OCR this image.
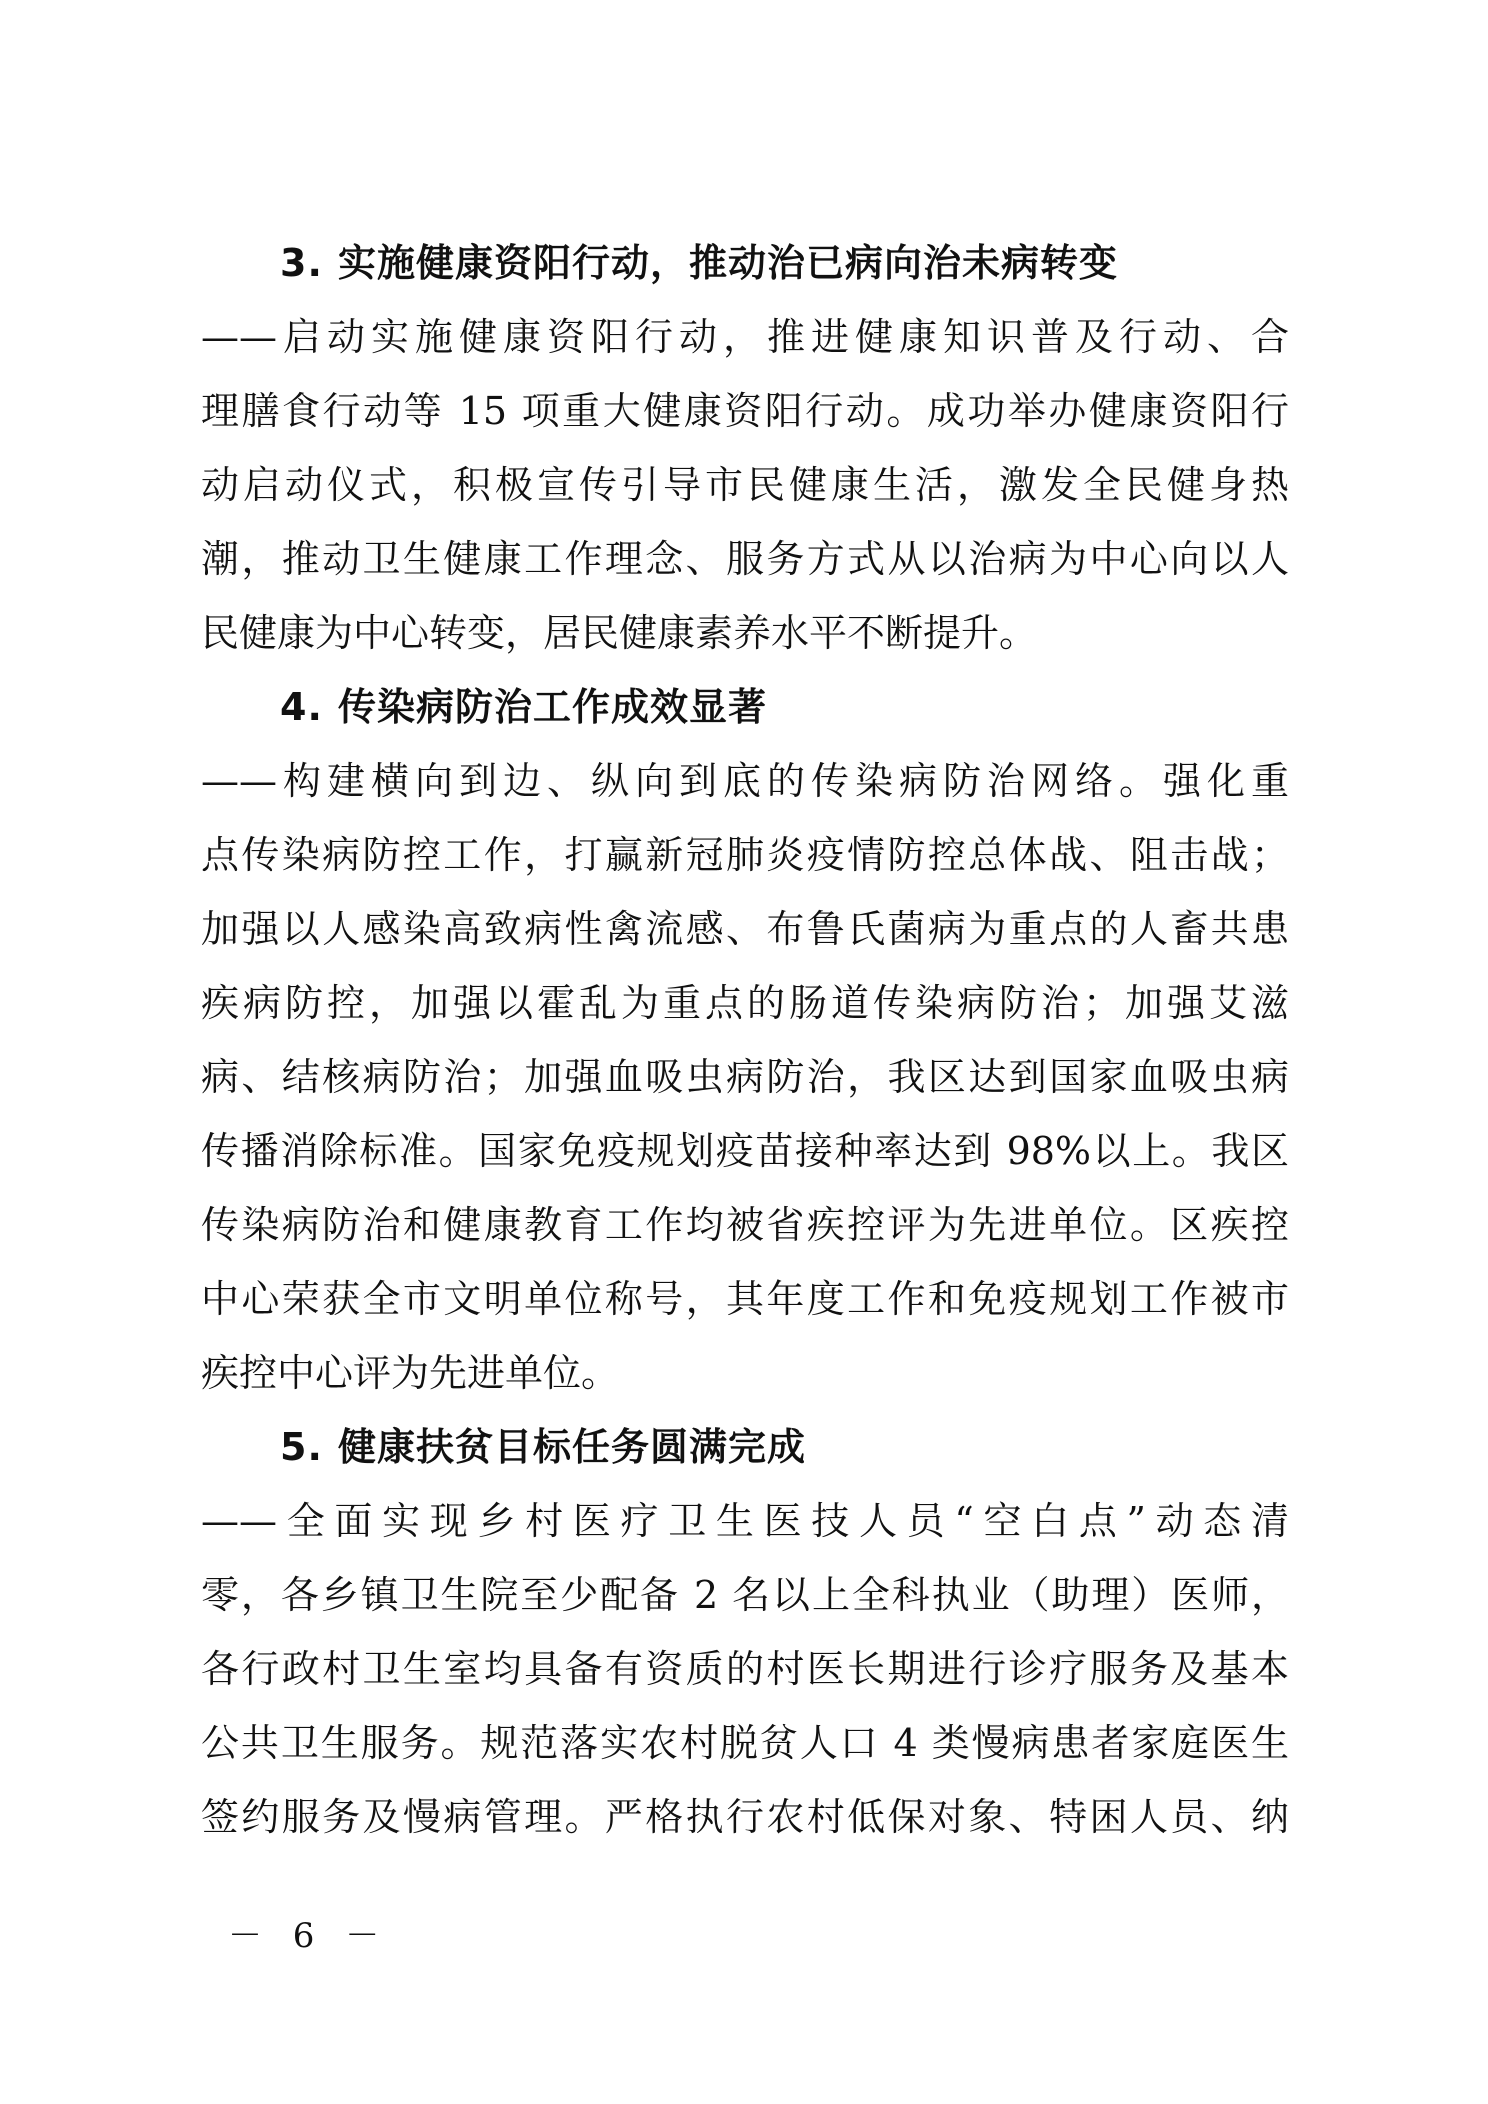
3. 实施健康资阳行动，推动治已病向治未病转变
——启动实施健康资阳行动，推进健康知识普及行动、合
理膳食行动等 15 项重大健康资阳行动。成功举办健康资阳行
动启动仪式，积极宣传引导市民健康生活，激发全民健身热
潮，推动卫生健康工作理念、服务方式从以治病为中心向以人
民健康为中心转变，居民健康素养水平不断提升。
4. 传染病防治工作成效显著
——构建横向到边、纵向到底的传染病防治网络。强化重
点传染病防控工作，打赢新冠肺炎疫情防控总体战、阻击战；
加强以人感染高致病性禽流感、布鲁氏菌病为重点的人畜共患
疾病防控，加强以霍乱为重点的肠道传染病防治；加强艾滋
病、结核病防治；加强血吸虫病防治，我区达到国家血吸虫病
传播消除标准。国家免疫规划疫苗接种率达到 98%以上。我区
传染病防治和健康教育工作均被省疾控评为先进单位。区疾控
中心荣获全市文明单位称号，其年度工作和免疫规划工作被市
疾控中心评为先进单位。
5. 健康扶贫目标任务圆满完成
——全面实现乡村医疗卫生医技人员“空白点”动态清
零，各乡镇卫生院至少配备 2 名以上全科执业（助理）医师，
各行政村卫生室均具备有资质的村医长期进行诊疗服务及基本
公共卫生服务。规范落实农村脱贫人口 4 类慢病患者家庭医生
签约服务及慢病管理。严格执行农村低保对象、特困人员、纳
－ 6 －
